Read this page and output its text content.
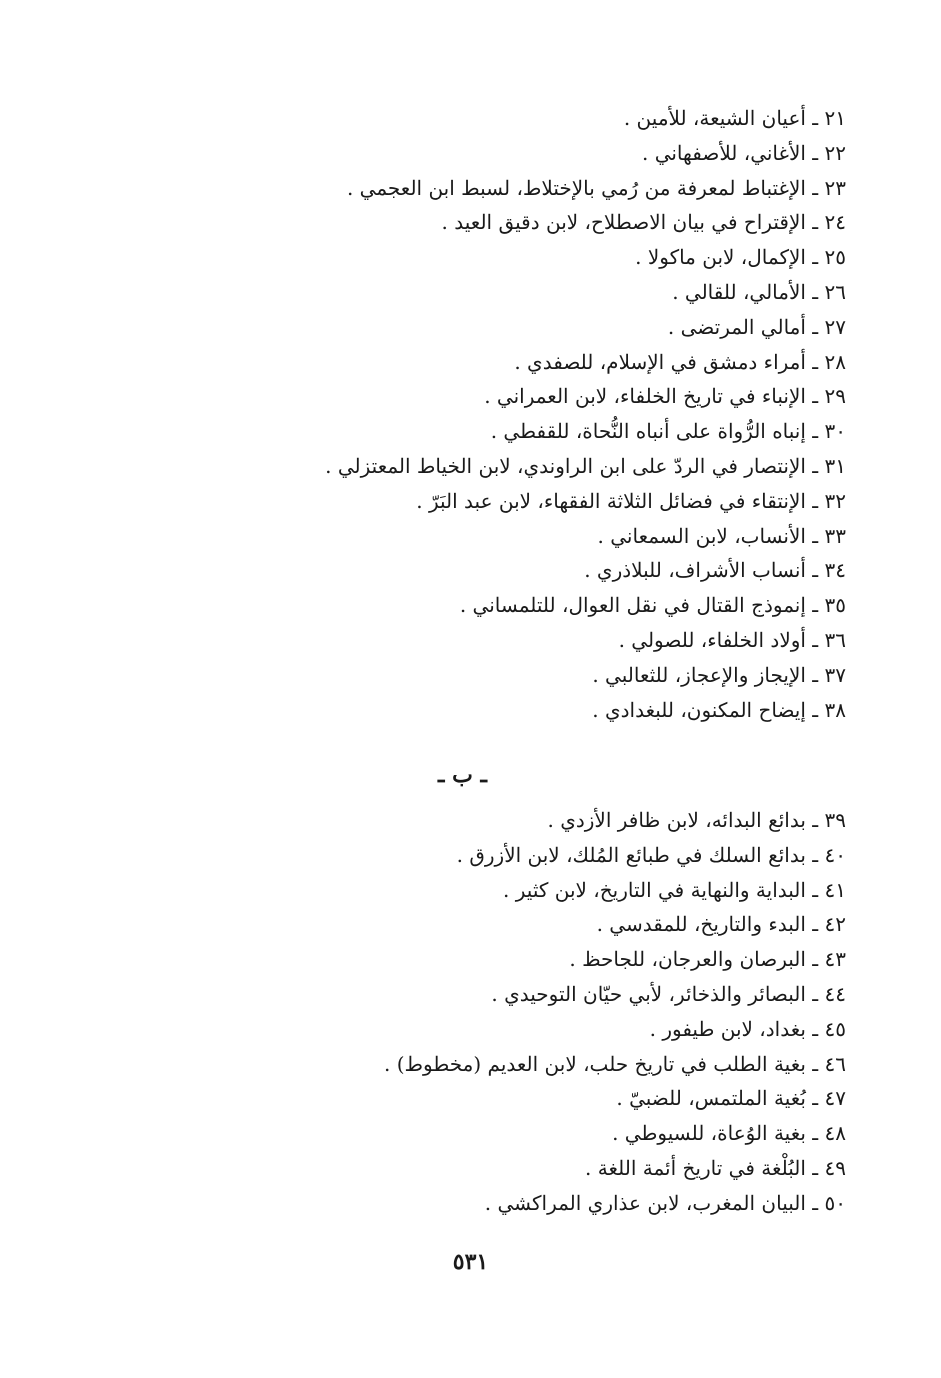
٢١ ـ أعيان الشيعة، للأمين .
٢٢ ـ الأغاني، للأصفهاني .
٢٣ ـ الإغتباط لمعرفة من رُمي بالإختلاط، لسبط ابن العجمي .
٢٤ ـ الإقتراح في بيان الاصطلاح، لابن دقيق العيد .
٢٥ ـ الإكمال، لابن ماكولا .
٢٦ ـ الأمالي، للقالي .
٢٧ ـ أمالي المرتضى .
٢٨ ـ أمراء دمشق في الإسلام، للصفدي .
٢٩ ـ الإنباء في تاريخ الخلفاء، لابن العمراني .
٣٠ ـ إنباه الرُّواة على أنباه النُّحاة، للقفطي .
٣١ ـ الإنتصار في الردّ على ابن الراوندي، لابن الخياط المعتزلي .
٣٢ ـ الإنتقاء في فضائل الثلاثة الفقهاء، لابن عبد البَرّ .
٣٣ ـ الأنساب، لابن السمعاني .
٣٤ ـ أنساب الأشراف، للبلاذري .
٣٥ ـ إنموذج القتال في نقل العوال، للتلمساني .
٣٦ ـ أولاد الخلفاء، للصولي .
٣٧ ـ الإيجاز والإعجاز، للثعالبي .
٣٨ ـ إيضاح المكنون، للبغدادي .
ـ ب ـ
٣٩ ـ بدائع البدائه، لابن ظافر الأزدي .
٤٠ ـ بدائع السلك في طبائع المُلك، لابن الأزرق .
٤١ ـ البداية والنهاية في التاريخ، لابن كثير .
٤٢ ـ البدء والتاريخ، للمقدسي .
٤٣ ـ البرصان والعرجان، للجاحظ .
٤٤ ـ البصائر والذخائر، لأبي حيّان التوحيدي .
٤٥ ـ بغداد، لابن طيفور .
٤٦ ـ بغية الطلب في تاريخ حلب، لابن العديم (مخطوط) .
٤٧ ـ بُغية الملتمس، للضبيّ .
٤٨ ـ بغية الوُعاة، للسيوطي .
٤٩ ـ البُلْغة في تاريخ أئمة اللغة .
٥٠ ـ البيان المغرب، لابن عذاري المراكشي .
٥٣١
